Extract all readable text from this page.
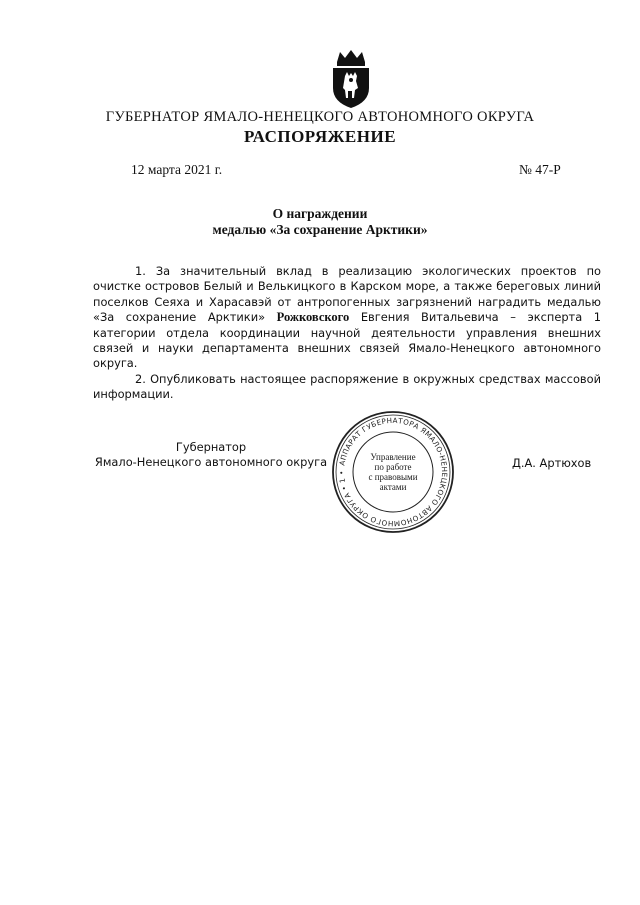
ГУБЕРНАТОР ЯМАЛО-НЕНЕЦКОГО АВТОНОМНОГО ОКРУГА
РАСПОРЯЖЕНИЕ
12 марта 2021 г.	№ 47-Р
О награждении
медалью «За сохранение Арктики»

1. За значительный вклад в реализацию экологических проектов по очистке островов Белый и Велькицкого в Карском море, а также береговых линий поселков Сеяха и Харасавэй от антропогенных загрязнений наградить медалью «За сохранение Арктики» Рожковского Евгения Витальевича – эксперта 1 категории отдела координации научной деятельности управления внешних связей и науки департамента внешних связей Ямало-Ненецкого автономного округа.

2. Опубликовать настоящее распоряжение в окружных средствах массовой информации.

Губернатор
Ямало-Ненецкого автономного округа АППАРАТ ГУБЕРНАТОРА ЯМАЛО-НЕНЕЦКОГО АВТОНОМНОГО ОКРУГА • 1 •
Управление
по работе
с правовыми
актами
Д.А. Артюхов
